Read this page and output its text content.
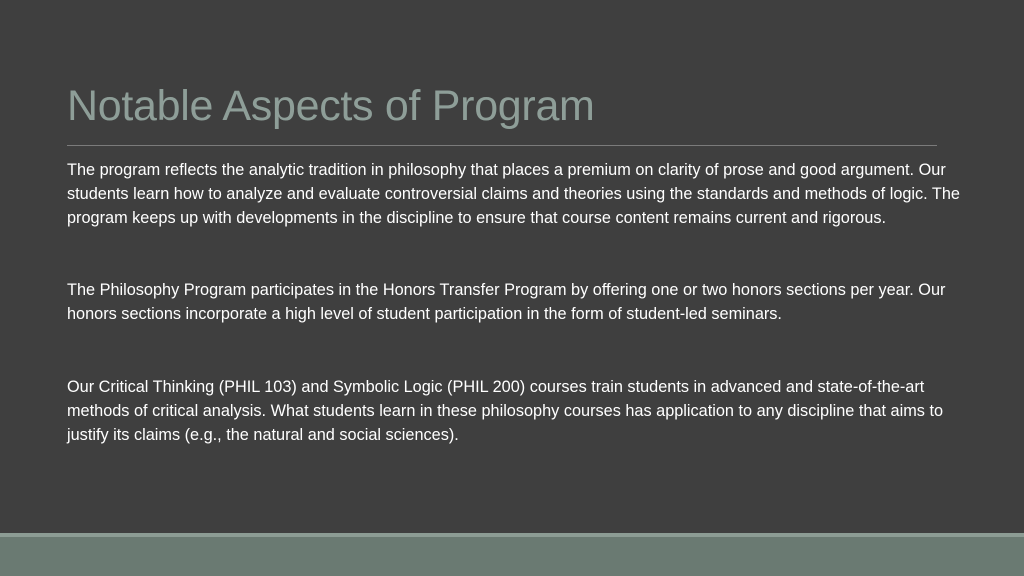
Notable Aspects of Program

The program reflects the analytic tradition in philosophy that places a premium on clarity of prose and good argument. Our students learn how to analyze and evaluate controversial claims and theories using the standards and methods of logic. The program keeps up with developments in the discipline to ensure that course content remains current and rigorous.

The Philosophy Program participates in the Honors Transfer Program by offering one or two honors sections per year. Our honors sections incorporate a high level of student participation in the form of student-led seminars.

Our Critical Thinking (PHIL 103) and Symbolic Logic (PHIL 200) courses train students in advanced and state-of-the-art methods of critical analysis. What students learn in these philosophy courses has application to any discipline that aims to justify its claims (e.g., the natural and social sciences).
